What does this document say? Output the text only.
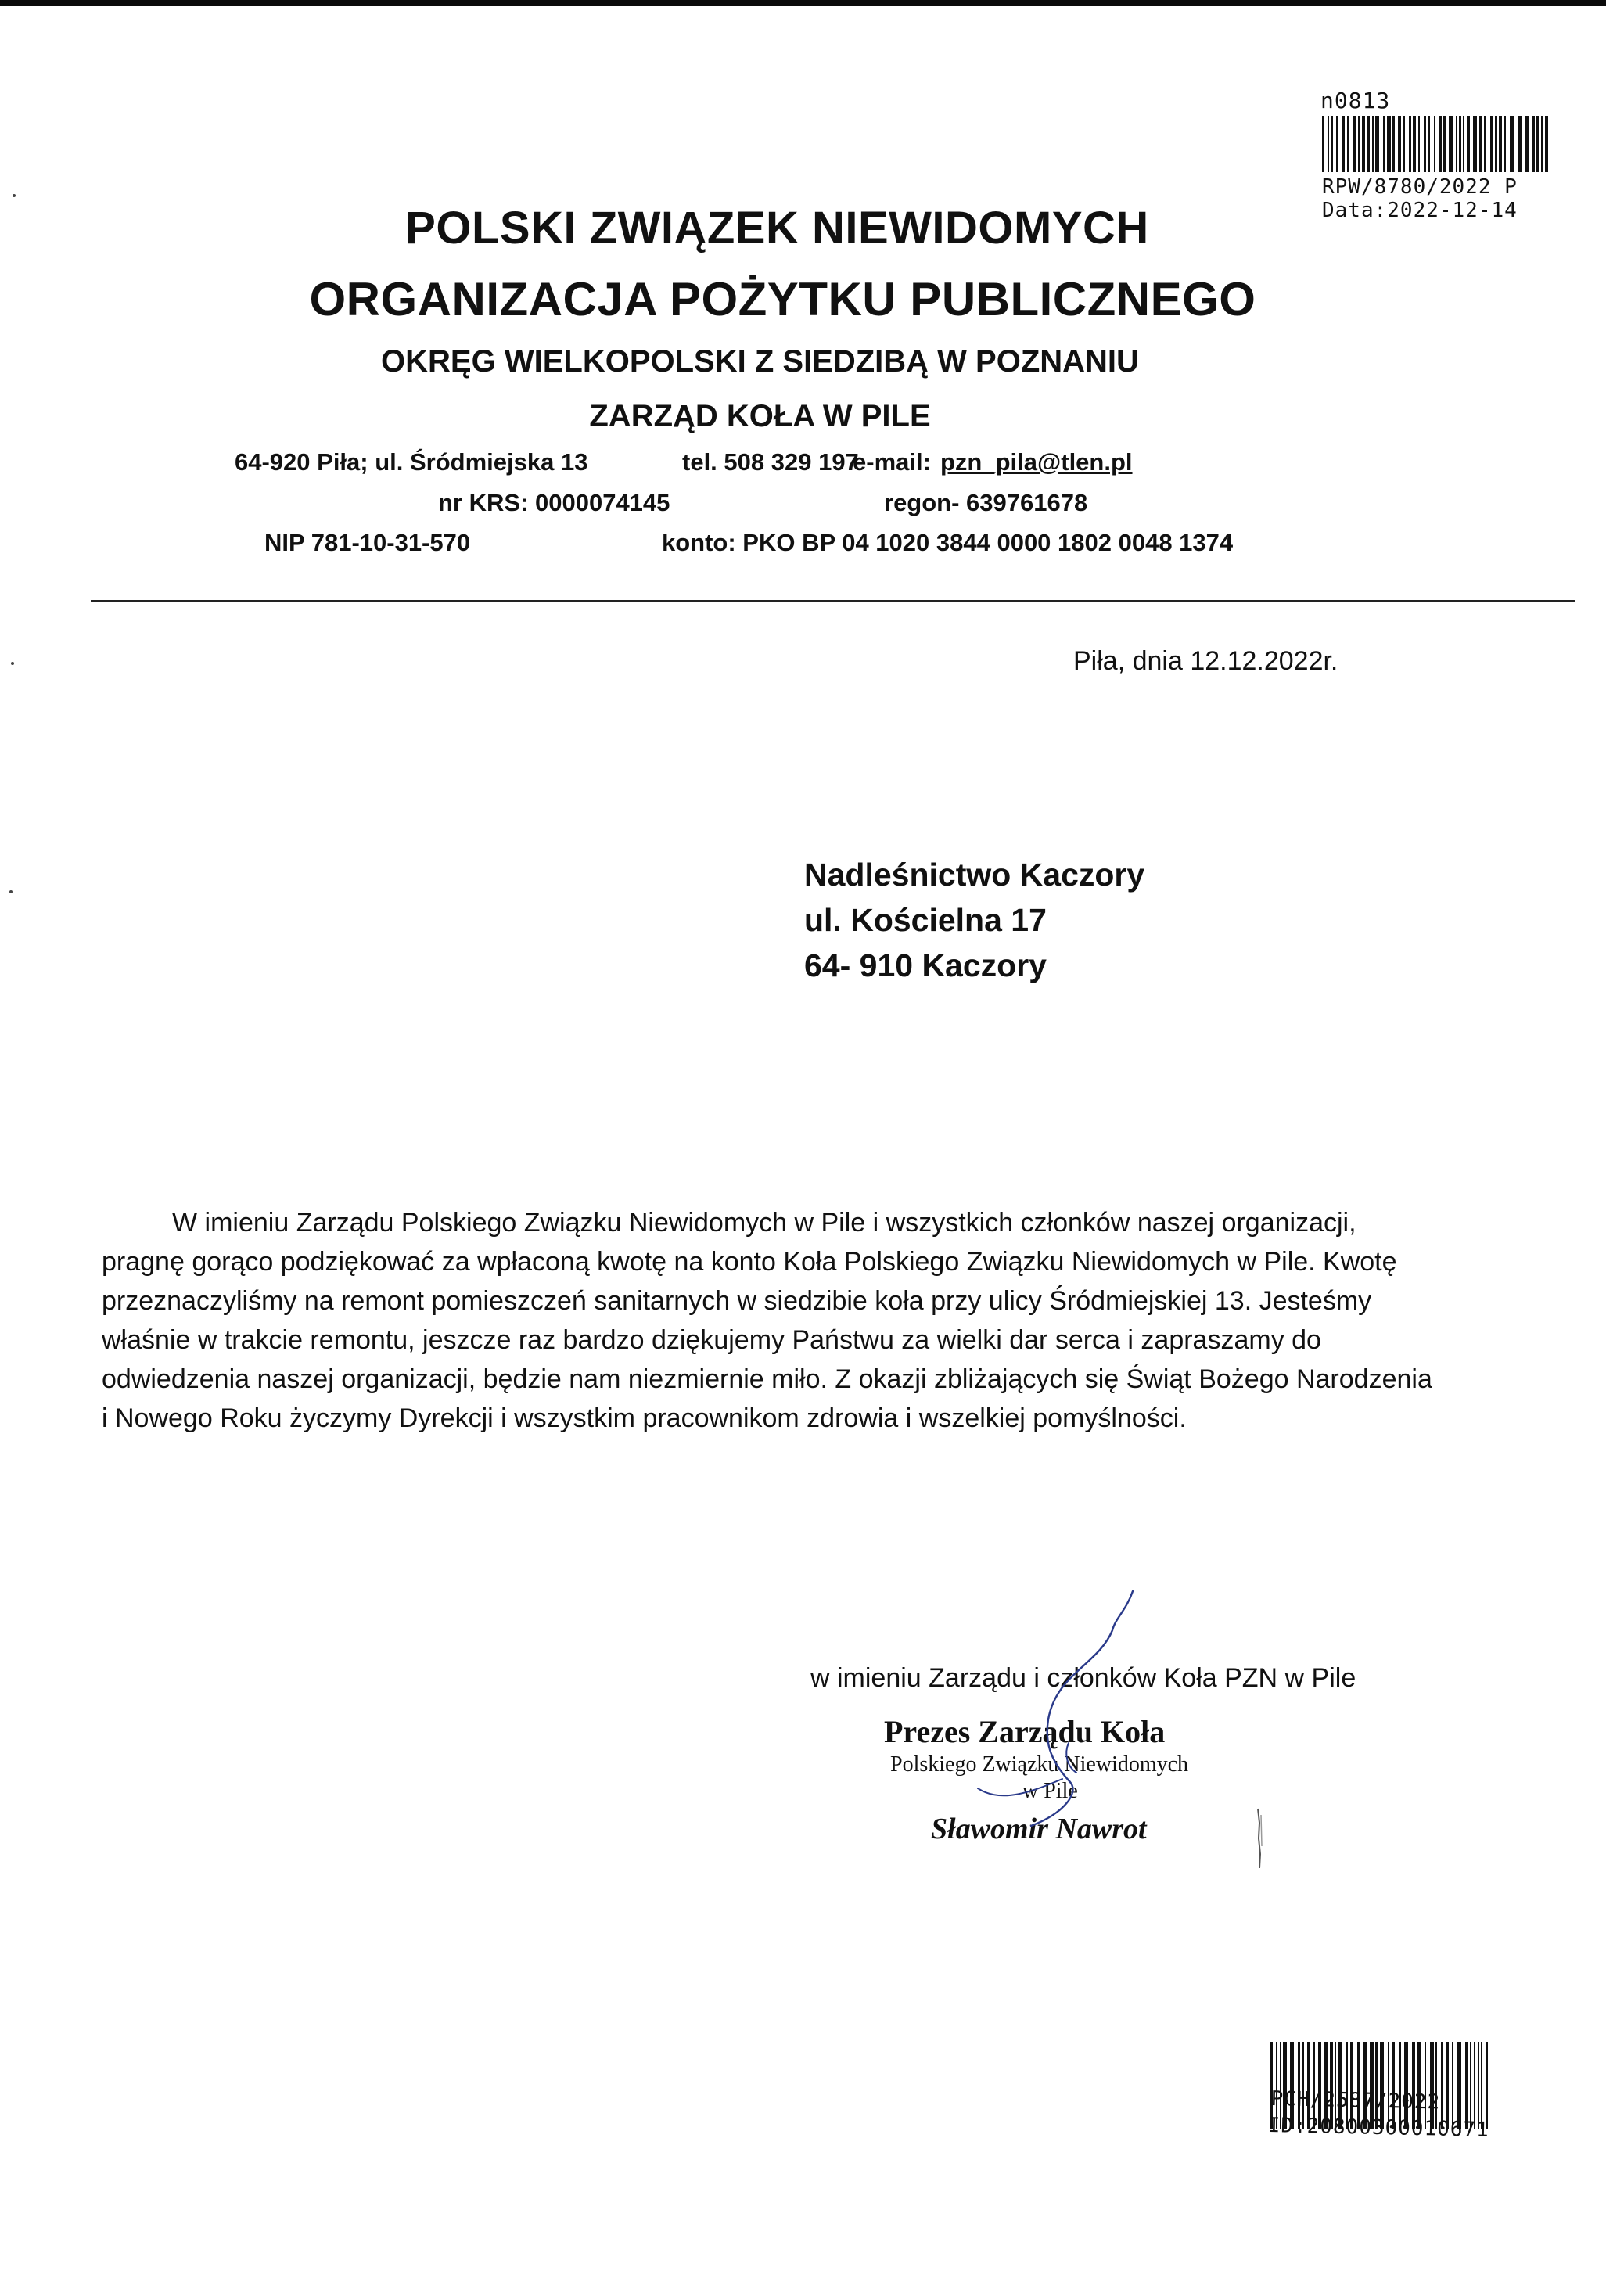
n0813
RPW/8780/2022 P
Data:2022-12-14
POLSKI ZWIĄZEK NIEWIDOMYCH
ORGANIZACJA POŻYTKU PUBLICZNEGO
OKRĘG WIELKOPOLSKI Z SIEDZIBĄ W POZNANIU
ZARZĄD KOŁA W PILE
64-920 Piła; ul. Śródmiejska 13	tel. 508 329 197
e-mail: pzn_pila@tlen.pl
nr KRS: 0000074145	regon- 639761678
NIP 781-10-31-570	konto: PKO BP 04 1020 3844 0000 1802 0048 1374
Piła, dnia 12.12.2022r.
Nadleśnictwo Kaczory
ul. Kościelna 17
64- 910 Kaczory
W imieniu Zarządu Polskiego Związku Niewidomych w Pile i wszystkich członków naszej organizacji,
pragnę gorąco podziękować za wpłaconą kwotę na konto Koła Polskiego Związku Niewidomych w Pile. Kwotę
przeznaczyliśmy na remont pomieszczeń sanitarnych w siedzibie koła przy ulicy Śródmiejskiej 13. Jesteśmy
właśnie w trakcie remontu, jeszcze raz bardzo dziękujemy Państwu za wielki dar serca i zapraszamy do
odwiedzenia naszej organizacji, będzie nam niezmiernie miło. Z okazji zbliżających się Świąt Bożego Narodzenia
i Nowego Roku życzymy Dyrekcji i wszystkim pracownikom zdrowia i wszelkiej pomyślności.
w imieniu Zarządu i członków Koła PZN w Pile
Prezes Zarządu Koła
Polskiego Związku Niewidomych
w Pile
Sławomir Nawrot
PCH/2587/2022
ID:20800300010671
